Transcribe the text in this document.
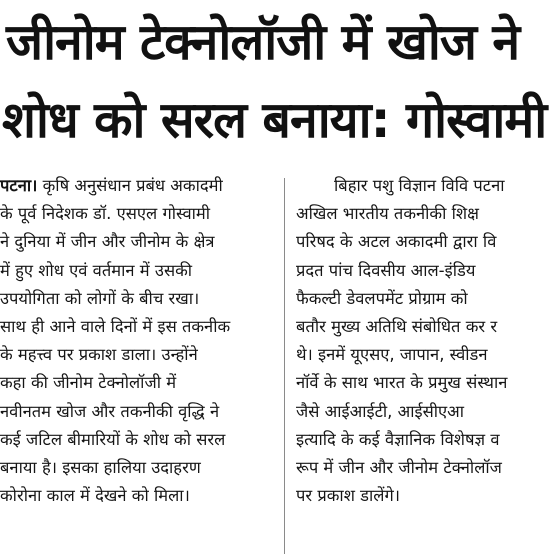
जीनोम टेक्नोलॉजी में खोज ने
शोध को सरल बनाया: गोस्वामी
पटना। कृषि अनुसंधान प्रबंध अकादमी
के पूर्व निदेशक डॉ. एसएल गोस्वामी
ने दुनिया में जीन और जीनोम के क्षेत्र
में हुए शोध एवं वर्तमान में उसकी
उपयोगिता को लोगों के बीच रखा।
साथ ही आने वाले दिनों में इस तकनीक
के महत्त्व पर प्रकाश डाला। उन्होंने
कहा की जीनोम टेक्नोलॉजी में
नवीनतम खोज और तकनीकी वृद्धि ने
कई जटिल बीमारियों के शोध को सरल
बनाया है। इसका हालिया उदाहरण
कोरोना काल में देखने को मिला।
बिहार पशु विज्ञान विवि पटना
अखिल भारतीय तकनीकी शिक्ष
परिषद के अटल अकादमी द्वारा वि
प्रदत पांच दिवसीय आल-इंडिय
फैकल्टी डेवलपमेंट प्रोग्राम को
बतौर मुख्य अतिथि संबोधित कर र
थे। इनमें यूएसए, जापान, स्वीडन
नॉर्वे के साथ भारत के प्रमुख संस्थान
जैसे आईआईटी, आईसीएआ
इत्यादि के कई वैज्ञानिक विशेषज्ञ व
रूप में जीन और जीनोम टेक्नोलॉज
पर प्रकाश डालेंगे।
